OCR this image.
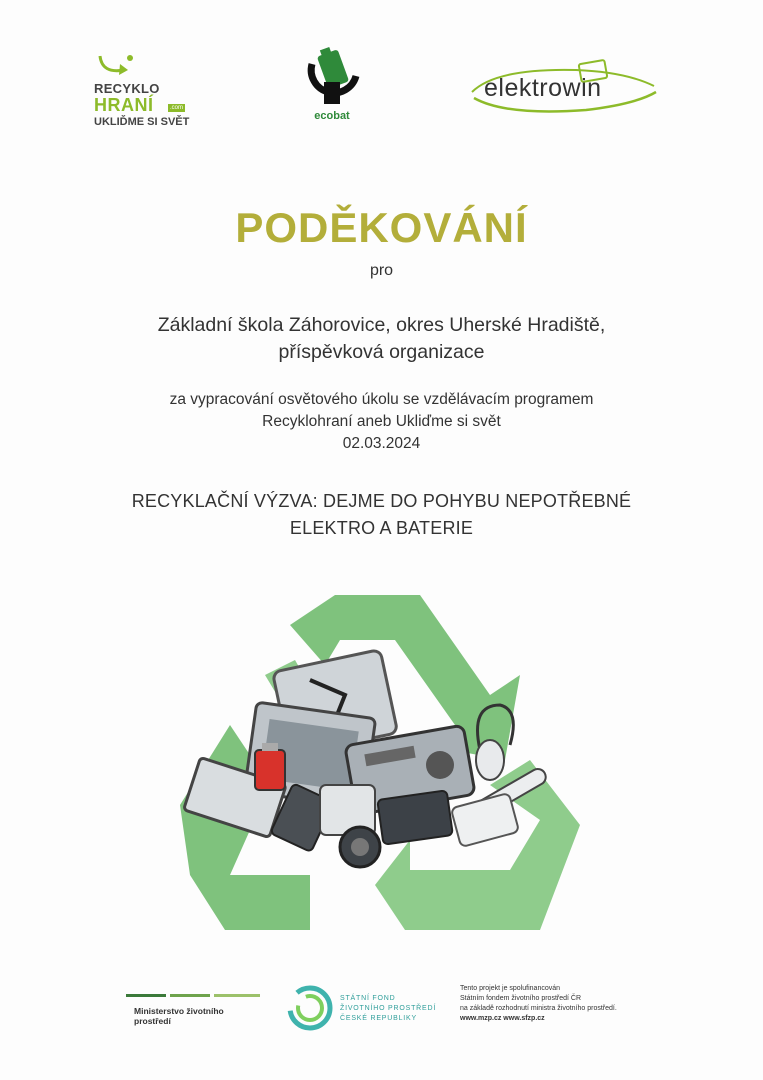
RECYKLO
HRANÍ	.com
UKLIĎME SI SVĚT	ecobat
elektrowin
PODĚKOVÁNÍ
pro
Základní škola Záhorovice, okres Uherské Hradiště,
příspěvková organizace
za vypracování osvětového úkolu se vzdělávacím programem
Recyklohraní aneb Ukliďme si svět
02.03.2024
RECYKLAČNÍ VÝZVA: DEJME DO POHYBU NEPOTŘEBNÉ
ELEKTRO A BATERIE
Ministerstvo životního prostředí
STÁTNÍ FOND
ŽIVOTNÍHO PROSTŘEDÍ
ČESKÉ REPUBLIKY
Tento projekt je spolufinancován
Státním fondem životního prostředí ČR
na základě rozhodnutí ministra životního prostředí.
www.mzp.cz www.sfzp.cz
